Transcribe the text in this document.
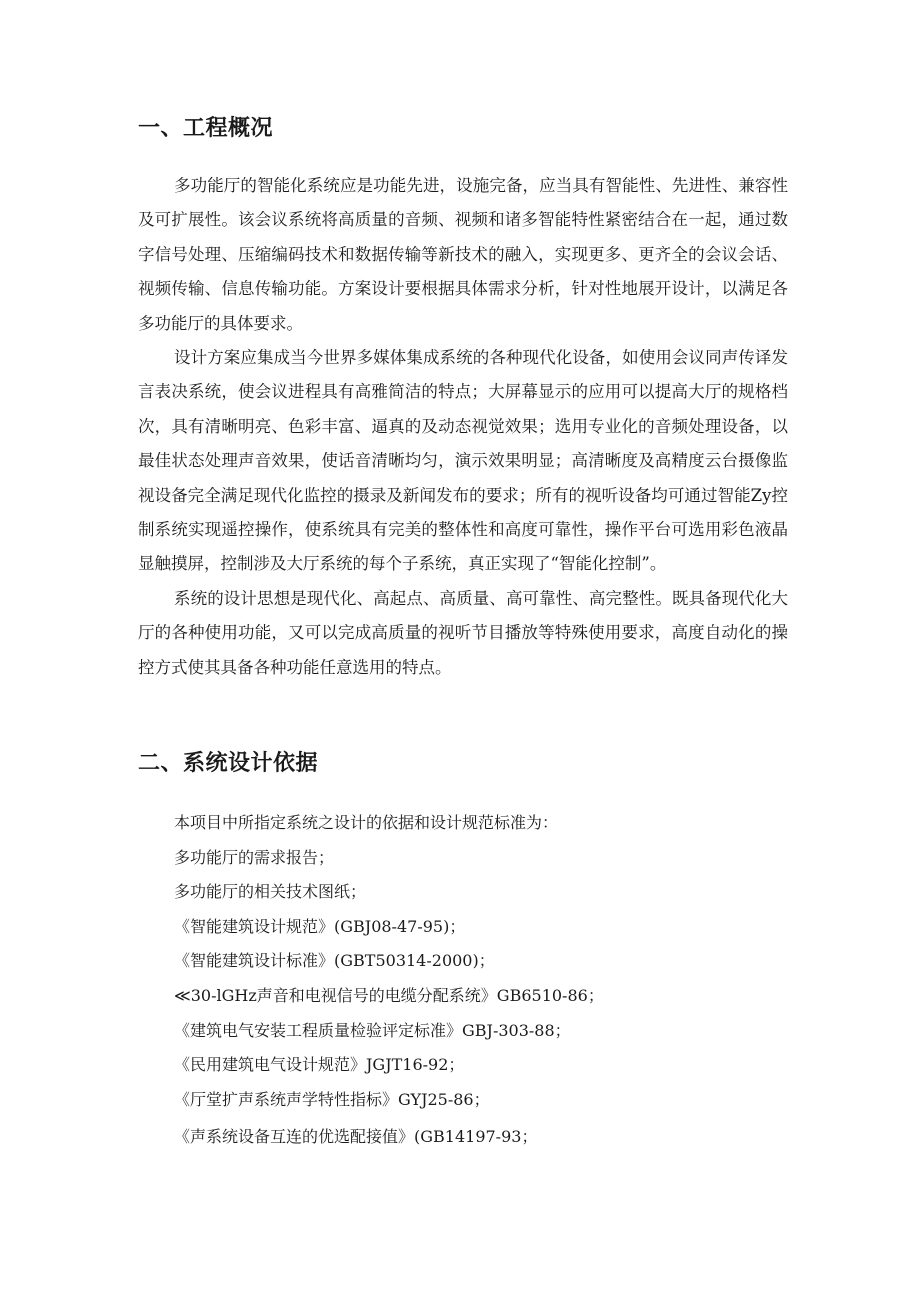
一、工程概况

多功能厅的智能化系统应是功能先进，设施完备，应当具有智能性、先进性、兼容性及可扩展性。该会议系统将高质量的音频、视频和诸多智能特性紧密结合在一起，通过数字信号处理、压缩编码技术和数据传输等新技术的融入，实现更多、更齐全的会议会话、视频传输、信息传输功能。方案设计要根据具体需求分析，针对性地展开设计，以满足各多功能厅的具体要求。

设计方案应集成当今世界多媒体集成系统的各种现代化设备，如使用会议同声传译发言表决系统，使会议进程具有高雅简洁的特点；大屏幕显示的应用可以提高大厅的规格档次，具有清晰明亮、色彩丰富、逼真的及动态视觉效果；选用专业化的音频处理设备，以最佳状态处理声音效果，使话音清晰均匀，演示效果明显；高清晰度及高精度云台摄像监视设备完全满足现代化监控的摄录及新闻发布的要求；所有的视听设备均可通过智能Zy控制系统实现遥控操作，使系统具有完美的整体性和高度可靠性，操作平台可选用彩色液晶显触摸屏，控制涉及大厅系统的每个子系统，真正实现了“智能化控制”。

系统的设计思想是现代化、高起点、高质量、高可靠性、高完整性。既具备现代化大厅的各种使用功能，又可以完成高质量的视听节目播放等特殊使用要求，高度自动化的操控方式使其具备各种功能任意选用的特点。

二、系统设计依据

本项目中所指定系统之设计的依据和设计规范标准为：

多功能厅的需求报告；

多功能厅的相关技术图纸；

《智能建筑设计规范》(GBJ08-47-95)；

《智能建筑设计标准》(GBT50314-2000)；

≪30-lGHz声音和电视信号的电缆分配系统》GB6510-86；

《建筑电气安装工程质量检验评定标准》GBJ-303-88；

《民用建筑电气设计规范》JGJT16-92；

《厅堂扩声系统声学特性指标》GYJ25-86；

《声系统设备互连的优选配接值》(GB14197-93；
